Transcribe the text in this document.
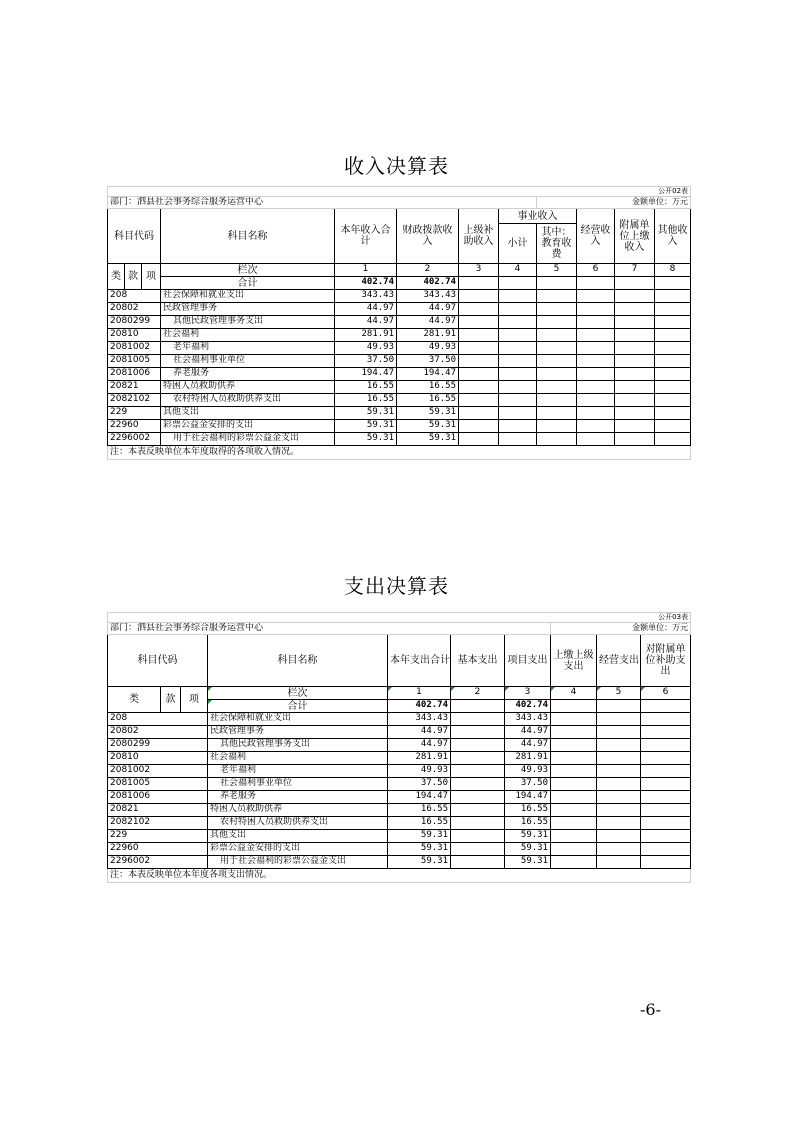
收入决算表
公开02表											
部门：泗县社会事务综合服务运营中心								金额单位：万元			
科目代码			科目名称	本年收入合计	财政拨款收入	上级补助收入	事业收入		经营收入	附属单位上缴收入	其他收入
							小计	其中：教育收费			

类	款	项	栏次	1	2	3	4	5	6	7	8
			合计	402.74	402.74						
208			社会保障和就业支出	343.43	343.43						
20802			民政管理事务	44.97	44.97						
2080299			其他民政管理事务支出	44.97	44.97						
20810			社会福利	281.91	281.91						
2081002			老年福利	49.93	49.93						
2081005			社会福利事业单位	37.50	37.50						
2081006			养老服务	194.47	194.47						
20821			特困人员救助供养	16.55	16.55						
2082102			农村特困人员救助供养支出	16.55	16.55						
229			其他支出	59.31	59.31						
22960			彩票公益金安排的支出	59.31	59.31						
2296002			用于社会福利的彩票公益金支出	59.31	59.31						
注：本表反映单位本年度取得的各项收入情况。											
支出决算表
公开03表									
部门：泗县社会事务综合服务运营中心							金额单位：万元		
科目代码			科目名称	本年支出合计	基本支出	项目支出	上缴上级支出	经营支出	对附属单位补助支出
类	款	项	栏次	1	2	3	4	5	6
			合计	402.74		402.74			
208			社会保障和就业支出	343.43		343.43			
20802			民政管理事务	44.97		44.97			
2080299			其他民政管理事务支出	44.97		44.97			
20810			社会福利	281.91		281.91			
2081002			老年福利	49.93		49.93			
2081005			社会福利事业单位	37.50		37.50			
2081006			养老服务	194.47		194.47			
20821			特困人员救助供养	16.55		16.55			
2082102			农村特困人员救助供养支出	16.55		16.55			
229			其他支出	59.31		59.31			
22960			彩票公益金安排的支出	59.31		59.31			
2296002			用于社会福利的彩票公益金支出	59.31		59.31			
注：本表反映单位本年度各项支出情况。									
-6-
